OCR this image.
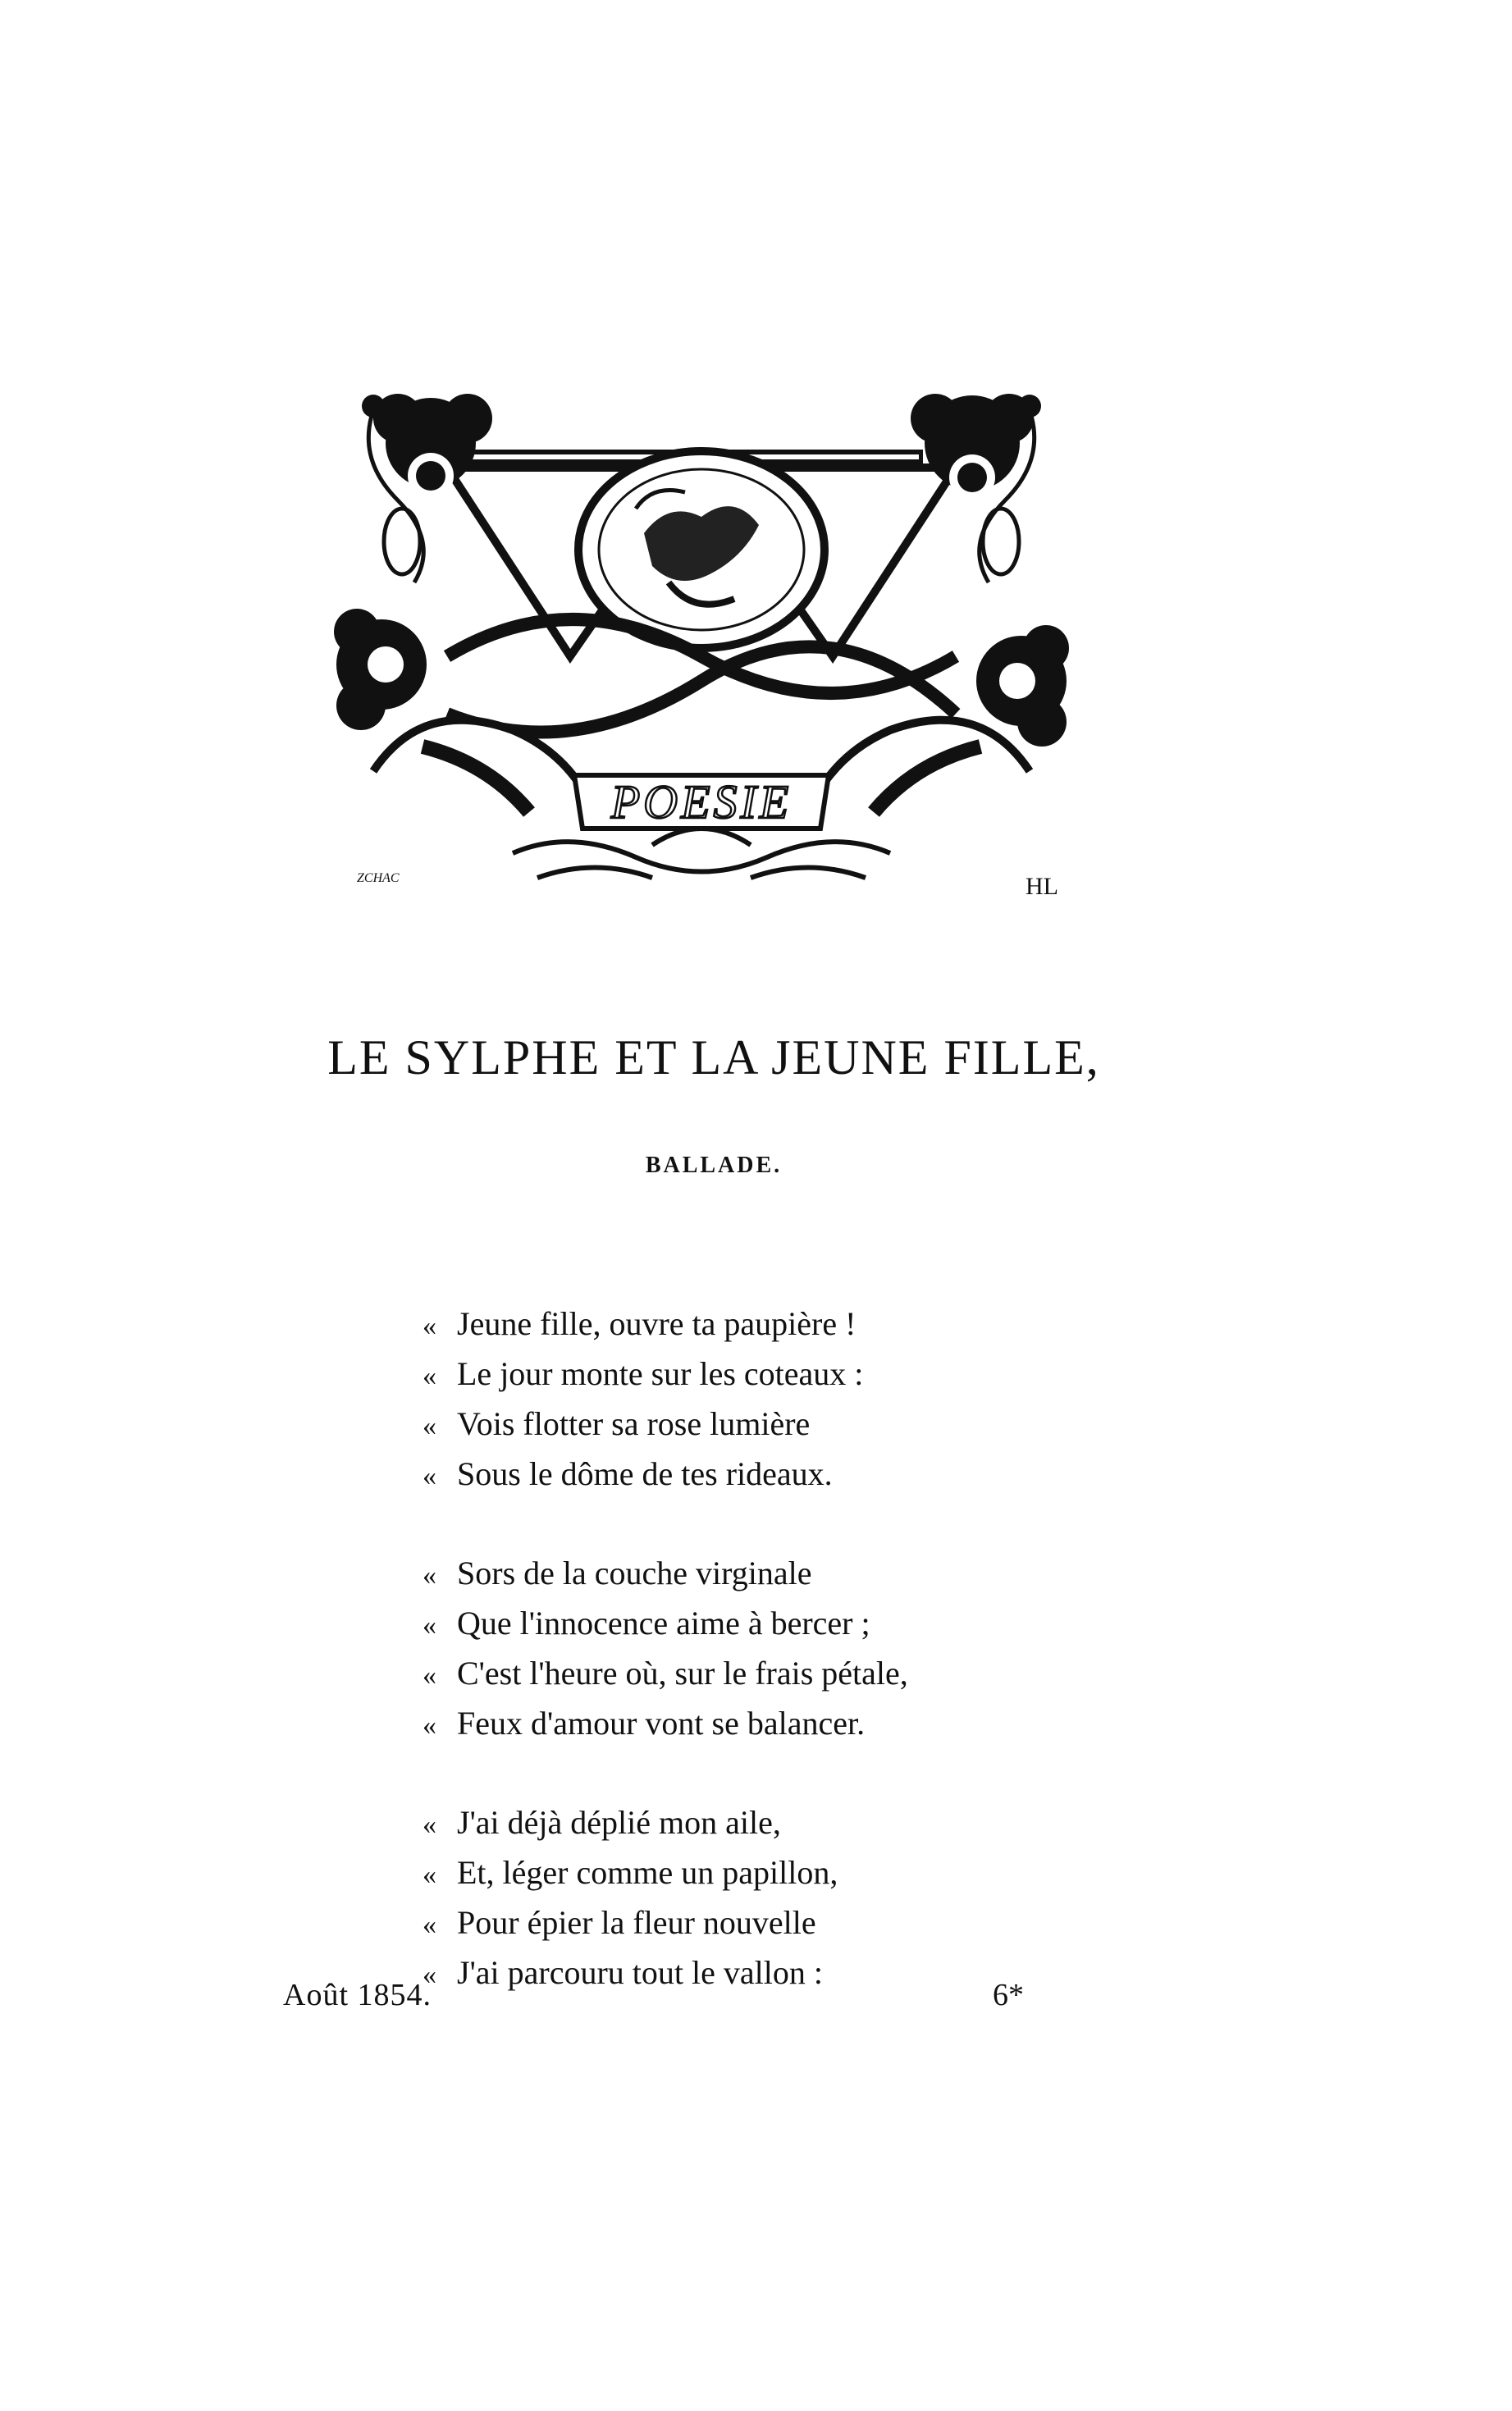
POESIE
ZCHAC	HL
LE SYLPHE ET LA JEUNE FILLE,
BALLADE.
« Jeune fille, ouvre ta paupière !
« Le jour monte sur les coteaux :
« Vois flotter sa rose lumière
« Sous le dôme de tes rideaux.
« Sors de la couche virginale
« Que l'innocence aime à bercer ;
« C'est l'heure où, sur le frais pétale,
« Feux d'amour vont se balancer.
« J'ai déjà déplié mon aile,
« Et, léger comme un papillon,
« Pour épier la fleur nouvelle
« J'ai parcouru tout le vallon :
Août 1854.	6*
